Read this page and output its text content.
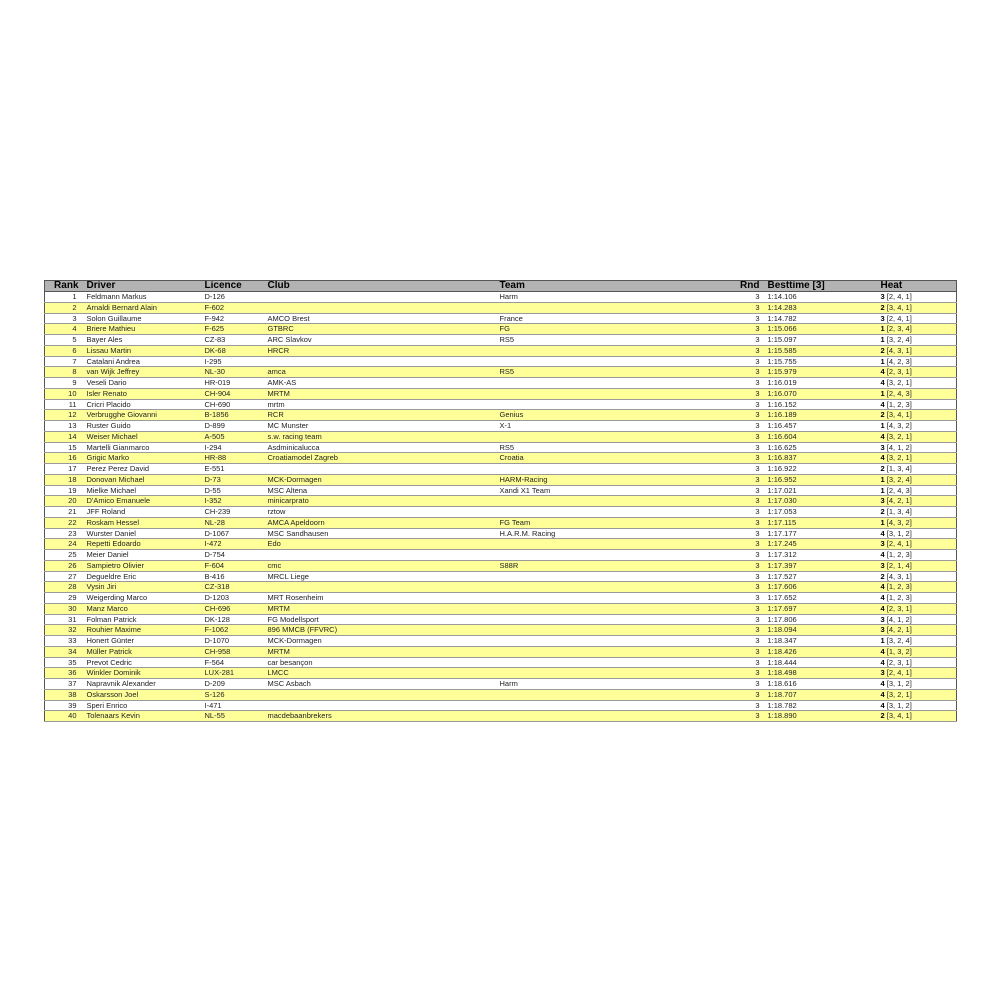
Rank	Driver	Licence	Club	Team	Rnd	Besttime [3]	Heat
1	Feldmann Markus	D-126		Harm	3	1:14.106	3 [2, 4, 1]
2	Arnaldi Bernard Alain	F-602			3	1:14.283	2 [3, 4, 1]
3	Solon Guillaume	F-942	AMCO Brest	France	3	1:14.782	3 [2, 4, 1]
4	Briere Mathieu	F-625	GTBRC	FG	3	1:15.066	1 [2, 3, 4]
5	Bayer Ales	CZ-83	ARC Slavkov	RS5	3	1:15.097	1 [3, 2, 4]
6	Lissau Martin	DK-68	HRCR		3	1:15.585	2 [4, 3, 1]
7	Catalani Andrea	I-295			3	1:15.755	1 [4, 2, 3]
8	van Wijk Jeffrey	NL-30	amca	RS5	3	1:15.979	4 [2, 3, 1]
9	Veseli Dario	HR-019	AMK-AS		3	1:16.019	4 [3, 2, 1]
10	Isler Renato	CH-904	MRTM		3	1:16.070	1 [2, 4, 3]
11	Cricri Placido	CH-690	mrtm		3	1:16.152	4 [1, 2, 3]
12	Verbrugghe Giovanni	B-1856	RCR	Genius	3	1:16.189	2 [3, 4, 1]
13	Ruster Guido	D-899	MC Munster	X-1	3	1:16.457	1 [4, 3, 2]
14	Weiser Michael	A-505	s.w. racing team		3	1:16.604	4 [3, 2, 1]
15	Martelli Gianmarco	I-294	Asdminicalucca	RS5	3	1:16.625	3 [4, 1, 2]
16	Grigic Marko	HR-88	Croatiamodel Zagreb	Croatia	3	1:16.837	4 [3, 2, 1]
17	Perez Perez David	E-551			3	1:16.922	2 [1, 3, 4]
18	Donovan Michael	D-73	MCK-Dormagen	HARM-Racing	3	1:16.952	1 [3, 2, 4]
19	Mielke Michael	D-55	MSC Altena	Xandi X1 Team	3	1:17.021	1 [2, 4, 3]
20	D'Amico Emanuele	I-352	minicarprato		3	1:17.030	3 [4, 2, 1]
21	JFF Roland	CH-239	rztow		3	1:17.053	2 [1, 3, 4]
22	Roskam Hessel	NL-28	AMCA Apeldoorn	FG Team	3	1:17.115	1 [4, 3, 2]
23	Wurster Daniel	D-1067	MSC Sandhausen	H.A.R.M. Racing	3	1:17.177	4 [3, 1, 2]
24	Repetti Edoardo	I-472	Edo		3	1:17.245	3 [2, 4, 1]
25	Meier Daniel	D-754			3	1:17.312	4 [1, 2, 3]
26	Sampietro Olivier	F-604	cmc	S88R	3	1:17.397	3 [2, 1, 4]
27	Degueldre Eric	B-416	MRCL Liege		3	1:17.527	2 [4, 3, 1]
28	Vysin Jiri	CZ-318			3	1:17.606	4 [1, 2, 3]
29	Weigerding Marco	D-1203	MRT Rosenheim		3	1:17.652	4 [1, 2, 3]
30	Manz Marco	CH-696	MRTM		3	1:17.697	4 [2, 3, 1]
31	Folman Patrick	DK-128	FG Modellsport		3	1:17.806	3 [4, 1, 2]
32	Rouhier Maxime	F-1062	896 MMCB (FFVRC)		3	1:18.094	3 [4, 2, 1]
33	Honert Günter	D-1070	MCK-Dormagen		3	1:18.347	1 [3, 2, 4]
34	Müller Patrick	CH-958	MRTM		3	1:18.426	4 [1, 3, 2]
35	Prevot Cedric	F-564	car besançon		3	1:18.444	4 [2, 3, 1]
36	Winkler Dominik	LUX-281	LMCC		3	1:18.498	3 [2, 4, 1]
37	Napravnik Alexander	D-209	MSC Asbach	Harm	3	1:18.616	4 [3, 1, 2]
38	Oskarsson Joel	S-126			3	1:18.707	4 [3, 2, 1]
39	Speri Enrico	I-471			3	1:18.782	4 [3, 1, 2]
40	Tolenaars Kevin	NL-55	macdebaanbrekers		3	1:18.890	2 [3, 4, 1]
